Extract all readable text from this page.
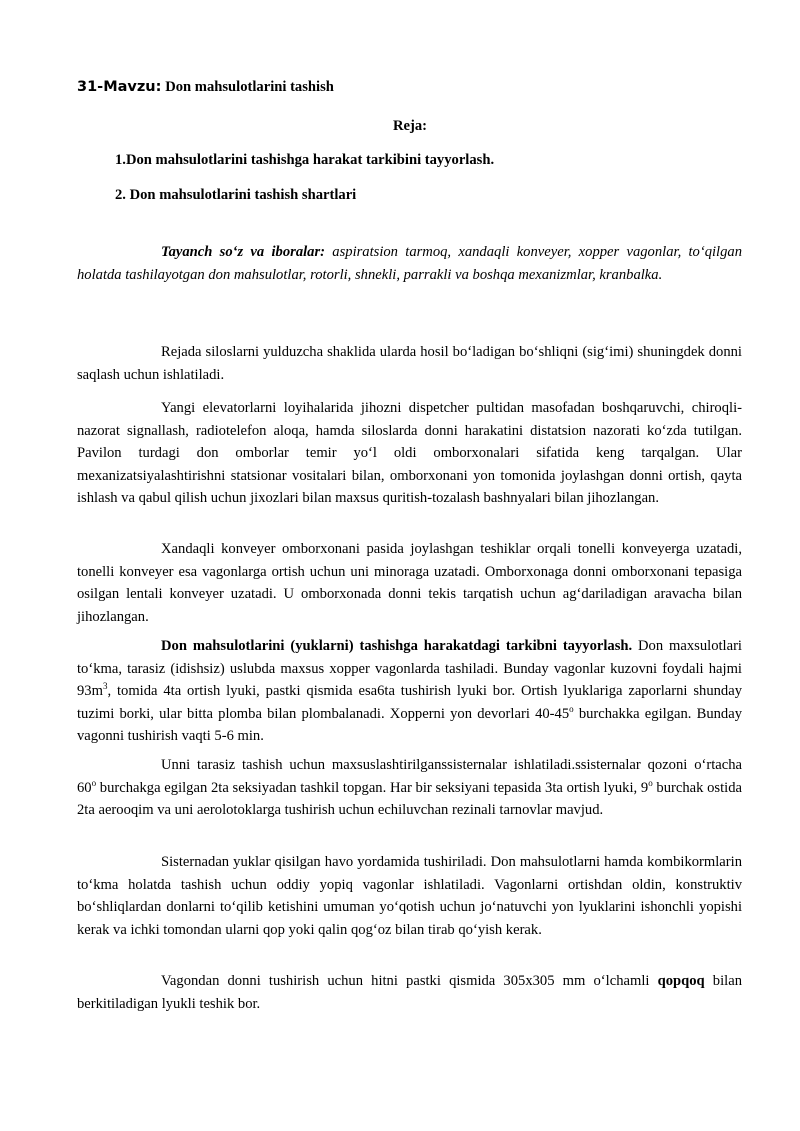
31-Mavzu: Don mahsulotlarini tashish
Reja:
1.Don mahsulotlarini tashishga harakat tarkibini tayyorlash.
2. Don mahsulotlarini tashish shartlari

Tayanch so‘z va iboralar: aspiratsion tarmoq, xandaqli konveyer, xopper vagonlar, to‘qilgan holatda tashilayotgan don mahsulotlar, rotorli, shnekli, parrakli va boshqa mexanizmlar, kranbalka.

Rejada siloslarni yulduzcha shaklida ularda hosil bo‘ladigan bo‘shliqni (sig‘imi) shuningdek donni saqlash uchun ishlatiladi.

Yangi elevatorlarni loyihalarida jihozni dispetcher pultidan masofadan boshqaruvchi, chiroqli-nazorat signallash, radiotelefon aloqa, hamda siloslarda donni harakatini distatsion nazorati ko‘zda tutilgan. Pavilon turdagi don omborlar temir yo‘l oldi omborxonalari sifatida keng tarqalgan. Ular mexanizatsiyalashtirishni statsionar vositalari bilan, omborxonani yon tomonida joylashgan donni ortish, qayta ishlash va qabul qilish uchun jixozlari bilan maxsus quritish-tozalash bashnyalari bilan jihozlangan.

Xandaqli konveyer omborxonani pasida joylashgan teshiklar orqali tonelli konveyerga uzatadi, tonelli konveyer esa vagonlarga ortish uchun uni minoraga uzatadi. Omborxonaga donni omborxonani tepasiga osilgan lentali konveyer uzatadi. U omborxonada donni tekis tarqatish uchun ag‘dariladigan aravacha bilan jihozlangan.

Don mahsulotlarini (yuklarni) tashishga harakatdagi tarkibni tayyorlash. Don maxsulotlari to‘kma, tarasiz (idishsiz) uslubda maxsus xopper vagonlarda tashiladi. Bunday vagonlar kuzovni foydali hajmi $93m^3$, tomida 4ta ortish lyuki, pastki qismida esa6ta tushirish lyuki bor. Ortish lyuklariga zaporlarni shunday tuzimi borki, ular bitta plomba bilan plombalanadi. Xopperni yon devorlari 40-45$^o$ burchakka egilgan. Bunday vagonni tushirish vaqti 5-6 min.

Unni tarasiz tashish uchun maxsuslashtirilganssisternalar ishlatiladi.ssisternalar qozoni o‘rtacha 60$^o$ burchakga egilgan 2ta seksiyadan tashkil topgan. Har bir seksiyani tepasida 3ta ortish lyuki, 9$^o$ burchak ostida 2ta aerooqim va uni aerolotoklarga tushirish uchun echiluvchan rezinali tarnovlar mavjud.

Sisternadan yuklar qisilgan havo yordamida tushiriladi. Don mahsulotlarni hamda kombikormlarin to‘kma holatda tashish uchun oddiy yopiq vagonlar ishlatiladi. Vagonlarni ortishdan oldin, konstruktiv bo‘shliqlardan donlarni to‘qilib ketishini umuman yo‘qotish uchun jo‘natuvchi yon lyuklarini ishonchli yopishi kerak va ichki tomondan ularni qop yoki qalin qog‘oz bilan tirab qo‘yish kerak.

Vagondan donni tushirish uchun hitni pastki qismida 305x305 mm o‘lchamli qopqoq bilan berkitiladigan lyukli teshik bor.
